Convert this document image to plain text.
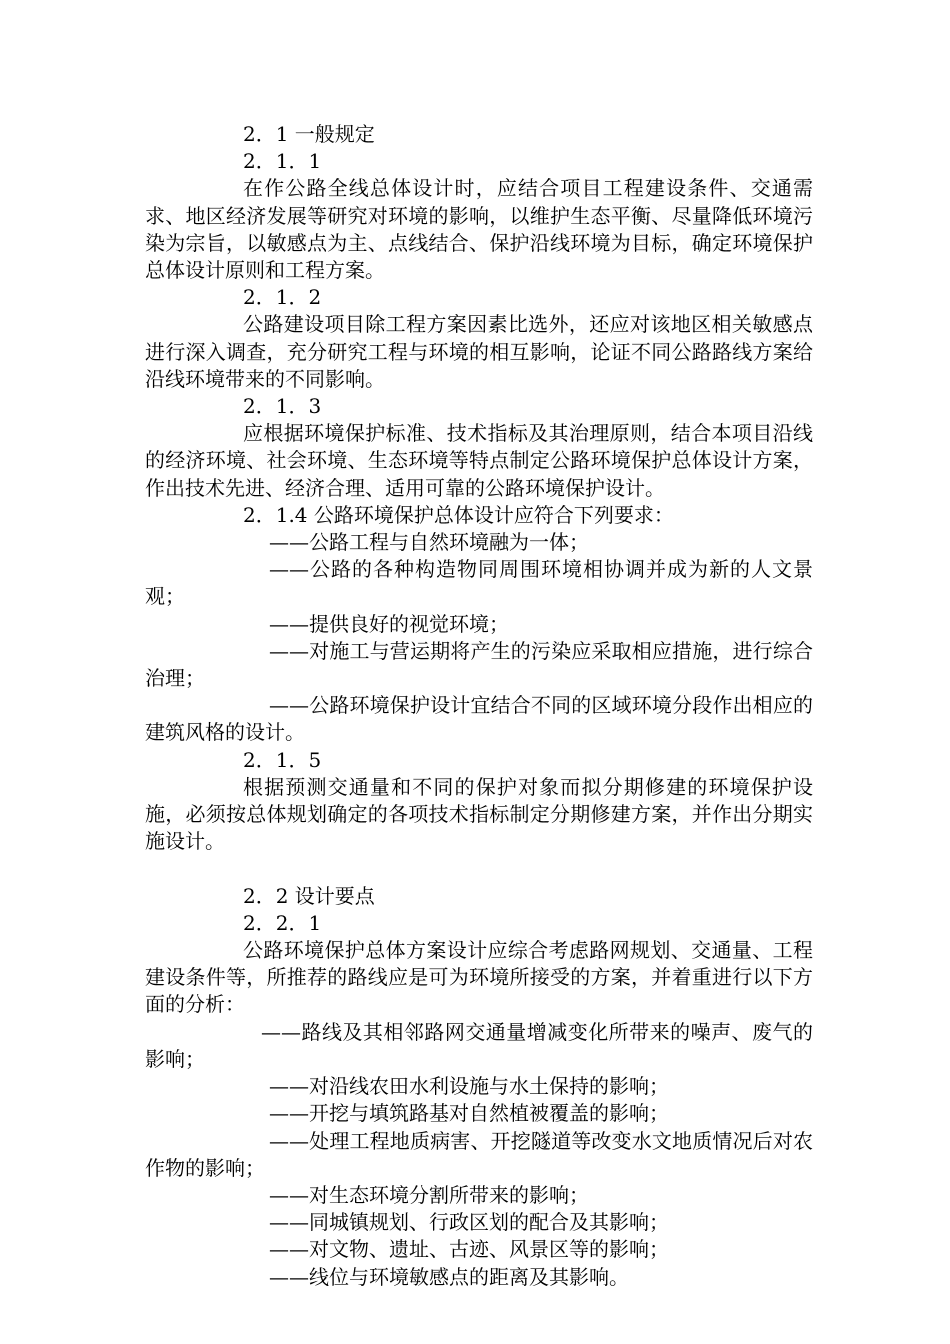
2．1 一般规定

2．1．1

在作公路全线总体设计时，应结合项目工程建设条件、交通需求、地区经济发展等研究对环境的影响，以维护生态平衡、尽量降低环境污染为宗旨，以敏感点为主、点线结合、保护沿线环境为目标，确定环境保护总体设计原则和工程方案。

2．1．2

公路建设项目除工程方案因素比选外，还应对该地区相关敏感点进行深入调查，充分研究工程与环境的相互影响，论证不同公路路线方案给沿线环境带来的不同影响。

2．1．3

应根据环境保护标准、技术指标及其治理原则，结合本项目沿线的经济环境、社会环境、生态环境等特点制定公路环境保护总体设计方案，作出技术先进、经济合理、适用可靠的公路环境保护设计。

2．1.4 公路环境保护总体设计应符合下列要求：

——公路工程与自然环境融为一体；

——公路的各种构造物同周围环境相协调并成为新的人文景观；

——提供良好的视觉环境；

——对施工与营运期将产生的污染应采取相应措施，进行综合治理；

——公路环境保护设计宜结合不同的区域环境分段作出相应的建筑风格的设计。

2．1．5

根据预测交通量和不同的保护对象而拟分期修建的环境保护设施，必须按总体规划确定的各项技术指标制定分期修建方案，并作出分期实施设计。

2．2 设计要点

2．2．1

公路环境保护总体方案设计应综合考虑路网规划、交通量、工程建设条件等，所推荐的路线应是可为环境所接受的方案，并着重进行以下方面的分析：

——路线及其相邻路网交通量增减变化所带来的噪声、废气的影响；

——对沿线农田水利设施与水土保持的影响；

——开挖与填筑路基对自然植被覆盖的影响；

——处理工程地质病害、开挖隧道等改变水文地质情况后对农作物的影响；

——对生态环境分割所带来的影响；

——同城镇规划、行政区划的配合及其影响；

——对文物、遗址、古迹、风景区等的影响；

——线位与环境敏感点的距离及其影响。
